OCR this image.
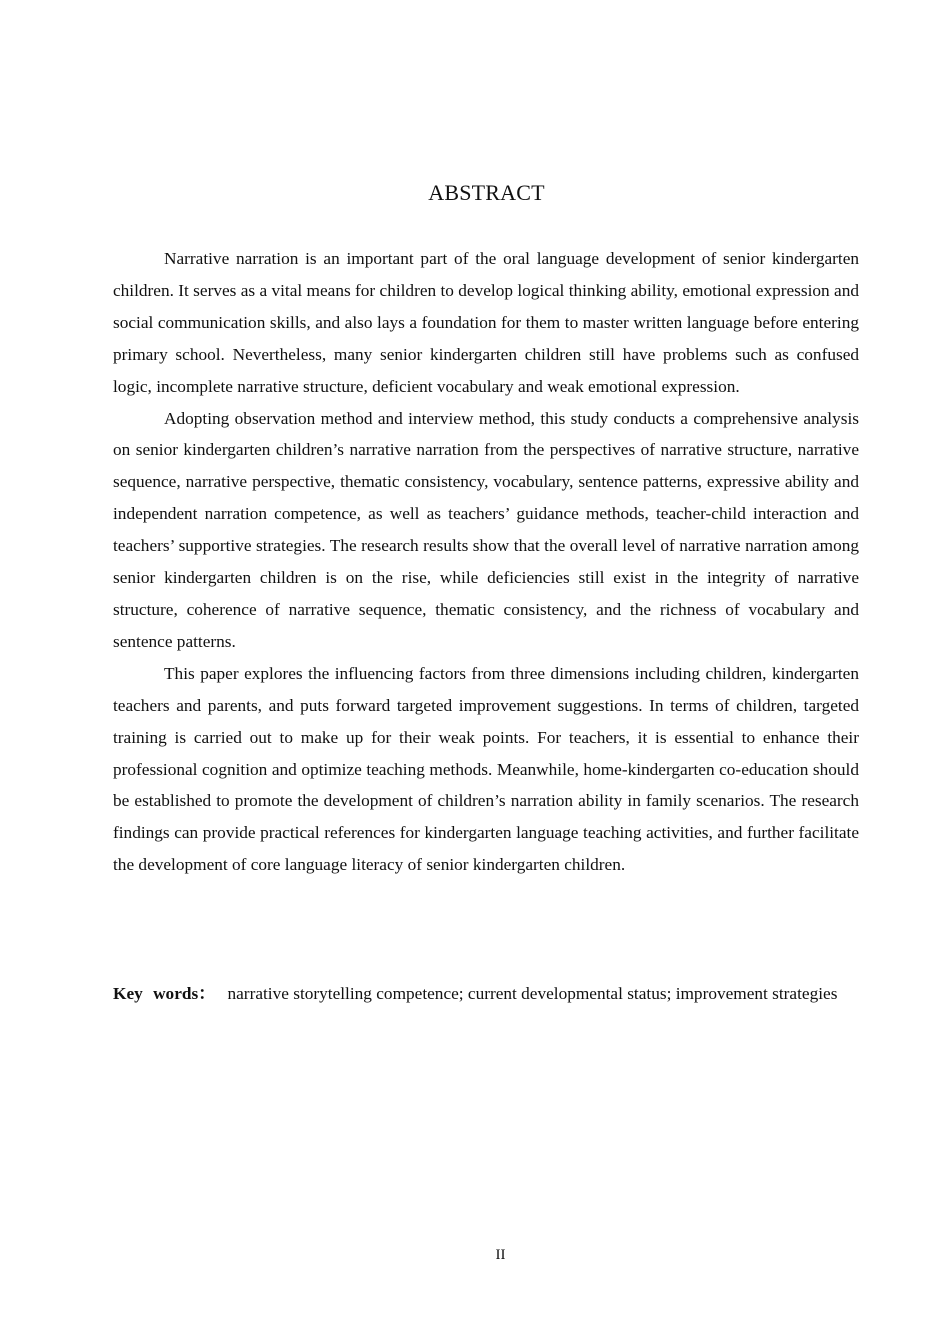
ABSTRACT

Narrative narration is an important part of the oral language development of senior kindergarten children. It serves as a vital means for children to develop logical thinking ability, emotional expression and social communication skills, and also lays a foundation for them to master written language before entering primary school. Nevertheless, many senior kindergarten children still have problems such as confused logic, incomplete narrative structure, deficient vocabulary and weak emotional expression.

Adopting observation method and interview method, this study conducts a comprehensive analysis on senior kindergarten children’s narrative narration from the perspectives of narrative structure, narrative sequence, narrative perspective, thematic consistency, vocabulary, sentence patterns, expressive ability and independent narration competence, as well as teachers’ guidance methods, teacher-child interaction and teachers’ supportive strategies. The research results show that the overall level of narrative narration among senior kindergarten children is on the rise, while deficiencies still exist in the integrity of narrative structure, coherence of narrative sequence, thematic consistency, and the richness of vocabulary and sentence patterns.

This paper explores the influencing factors from three dimensions including children, kindergarten teachers and parents, and puts forward targeted improvement suggestions. In terms of children, targeted training is carried out to make up for their weak points. For teachers, it is essential to enhance their professional cognition and optimize teaching methods. Meanwhile, home-kindergarten co-education should be established to promote the development of children’s narration ability in family scenarios. The research findings can provide practical references for kindergarten language teaching activities, and further facilitate the development of core language literacy of senior kindergarten children.

Key words： narrative storytelling competence; current developmental status; improvement strategies

II
